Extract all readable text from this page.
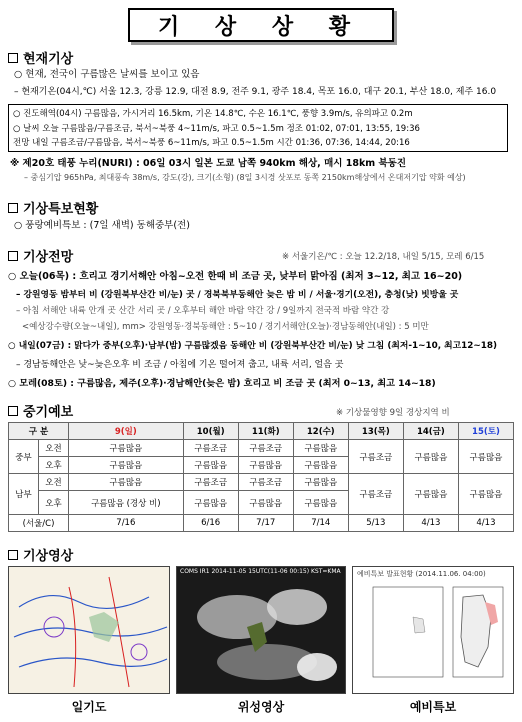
기 상 상 황
현재기상
○ 현재, 전국이 구름많은 날씨를 보이고 있음
– 현재기온(04시,℃) 서울 12.3, 강릉 12.9, 대전 8.9, 전주 9.1, 광주 18.4, 목포 16.0, 대구 20.1, 부산 18.0, 제주 16.0
○ 진도해역(04시) 구름많음, 가시거리 16.5km, 기온 14.8℃, 수온 16.1℃, 풍향 3.9m/s, 유의파고 0.2m
○ 날씨 오늘 구름많음/구름조금, 북서~북풍 4~11m/s, 파고 0.5~1.5m 정조 01:02, 07:01, 13:55, 19:36
전망 내일 구름조금/구름많음, 북서~북풍 6~11m/s, 파고 0.5~1.5m 시간 01:36, 07:36, 14:44, 20:16
※ 제20호 태풍 누리(NURI) : 06일 03시 일본 도쿄 남쪽 940km 해상, 매시 18km 북동진
– 중심기압 965hPa, 최대풍속 38m/s, 강도(강), 크기(소형) (8일 3시경 삿포로 동쪽 2150km해상에서 온대저기압 약화 예상)
기상특보현황
○ 풍랑예비특보 : (7일 새벽) 동해중부(전)
기상전망	※ 서울기온/℃ : 오늘 12.2/18, 내일 5/15, 모레 6/15
○ 오늘(06목) : 흐리고 경기서해안 아침~오전 한때 비 조금 곳, 낮부터 맑아짐 (최저 3~12, 최고 16~20)
– 강원영동 밤부터 비 (강원북부산간 비/눈) 곳 / 경북북부동해안 늦은 밤 비 / 서울·경기(오전), 충청(낮) 빗방울 곳
– 아침 서해안 내륙 안개 곳 산간 서리 곳 / 오후부터 해안 바람 약간 강 / 9일까지 전국적 바람 약간 강
<예상강수량(오늘~내일), mm> 강원영동·경북동해안 : 5~10 / 경기서해안(오늘)·경남동해안(내일) : 5 미만
○ 내일(07금) : 맑다가 중부(오후)·남부(밤) 구름많겠음 동해안 비 (강원북부산간 비/눈) 낮 그침 (최저-1~10, 최고12~18)
– 경남동해안은 낮~늦은오후 비 조금 / 아침에 기온 떨어져 춥고, 내륙 서리, 얼음 곳
○ 모레(08토) : 구름많음, 제주(오후)·경남해안(늦은 밤) 흐리고 비 조금 곳 (최저 0~13, 최고 14~18)
중기예보	※ 기상물영향 9일 경상지역 비
구 분		9(일)	10(월)	11(화)	12(수)	13(목)	14(금)	15(토)
중부	오전	구름많음	구름조금	구름조금	구름많음	구름조금	구름많음	구름많음
	오후	구름많음	구름많음	구름많음	구름많음			
남부	오전	구름많음	구름조금	구름조금	구름많음	구름조금	구름많음	구름많음
	오후	구름많음 (경상 비)	구름많음	구름많음	구름많음			
(서울/C)		7/16	6/16	7/17	7/14	5/13	4/13	4/13
기상영상
COMS IR1 2014-11-05 15UTC(11-06 00:15) KST=KMA 예비특보 발표현황 (2014.11.06. 04:00)
일기도	위성영상	예비특보
